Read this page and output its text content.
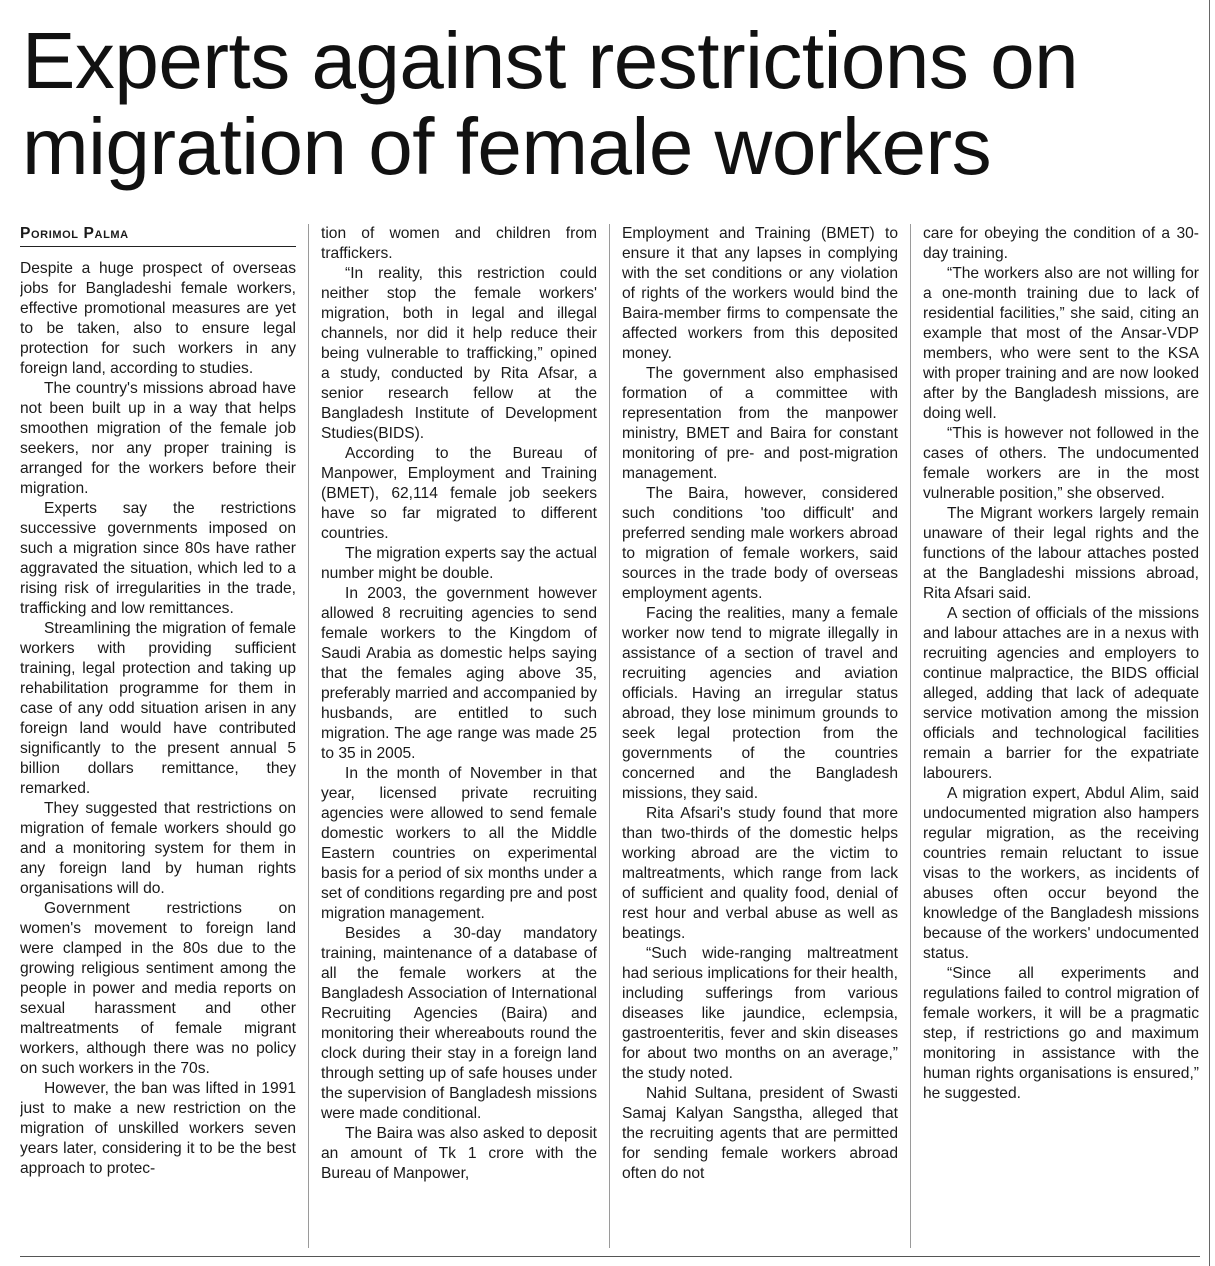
Experts against restrictions on migration of female workers
Porimol Palma

Despite a huge prospect of overseas jobs for Bangladeshi female workers, effective promotional measures are yet to be taken, also to ensure legal protection for such workers in any foreign land, according to studies.

The country's missions abroad have not been built up in a way that helps smoothen migration of the female job seekers, nor any proper training is arranged for the workers before their migration.

Experts say the restrictions successive governments imposed on such a migration since 80s have rather aggravated the situation, which led to a rising risk of irregularities in the trade, trafficking and low remittances.

Streamlining the migration of female workers with providing sufficient training, legal protection and taking up rehabilitation programme for them in case of any odd situation arisen in any foreign land would have contributed significantly to the present annual 5 billion dollars remittance, they remarked.

They suggested that restrictions on migration of female workers should go and a monitoring system for them in any foreign land by human rights organisations will do.

Government restrictions on women's movement to foreign land were clamped in the 80s due to the growing religious sentiment among the people in power and media reports on sexual harassment and other maltreatments of female migrant workers, although there was no policy on such workers in the 70s.

However, the ban was lifted in 1991 just to make a new restriction on the migration of unskilled workers seven years later, considering it to be the best approach to protec-

tion of women and children from traffickers.

“In reality, this restriction could neither stop the female workers' migration, both in legal and illegal channels, nor did it help reduce their being vulnerable to trafficking,” opined a study, conducted by Rita Afsar, a senior research fellow at the Bangladesh Institute of Development Studies(BIDS).

According to the Bureau of Manpower, Employment and Training (BMET), 62,114 female job seekers have so far migrated to different countries.

The migration experts say the actual number might be double.

In 2003, the government however allowed 8 recruiting agencies to send female workers to the Kingdom of Saudi Arabia as domestic helps saying that the females aging above 35, preferably married and accompanied by husbands, are entitled to such migration. The age range was made 25 to 35 in 2005.

In the month of November in that year, licensed private recruiting agencies were allowed to send female domestic workers to all the Middle Eastern countries on experimental basis for a period of six months under a set of conditions regarding pre and post migration management.

Besides a 30-day mandatory training, maintenance of a database of all the female workers at the Bangladesh Association of International Recruiting Agencies (Baira) and monitoring their whereabouts round the clock during their stay in a foreign land through setting up of safe houses under the supervision of Bangladesh missions were made conditional.

The Baira was also asked to deposit an amount of Tk 1 crore with the Bureau of Manpower,

Employment and Training (BMET) to ensure it that any lapses in complying with the set conditions or any violation of rights of the workers would bind the Baira-member firms to compensate the affected workers from this deposited money.

The government also emphasised formation of a committee with representation from the manpower ministry, BMET and Baira for constant monitoring of pre- and post-migration management.

The Baira, however, considered such conditions 'too difficult' and preferred sending male workers abroad to migration of female workers, said sources in the trade body of overseas employment agents.

Facing the realities, many a female worker now tend to migrate illegally in assistance of a section of travel and recruiting agencies and aviation officials. Having an irregular status abroad, they lose minimum grounds to seek legal protection from the governments of the countries concerned and the Bangladesh missions, they said.

Rita Afsari's study found that more than two-thirds of the domestic helps working abroad are the victim to maltreatments, which range from lack of sufficient and quality food, denial of rest hour and verbal abuse as well as beatings.

“Such wide-ranging maltreatment had serious implications for their health, including sufferings from various diseases like jaundice, eclempsia, gastroenteritis, fever and skin diseases for about two months on an average,” the study noted.

Nahid Sultana, president of Swasti Samaj Kalyan Sangstha, alleged that the recruiting agents that are permitted for sending female workers abroad often do not

care for obeying the condition of a 30-day training.

“The workers also are not willing for a one-month training due to lack of residential facilities,” she said, citing an example that most of the Ansar-VDP members, who were sent to the KSA with proper training and are now looked after by the Bangladesh missions, are doing well.

“This is however not followed in the cases of others. The undocumented female workers are in the most vulnerable position,” she observed.

The Migrant workers largely remain unaware of their legal rights and the functions of the labour attaches posted at the Bangladeshi missions abroad, Rita Afsari said.

A section of officials of the missions and labour attaches are in a nexus with recruiting agencies and employers to continue malpractice, the BIDS official alleged, adding that lack of adequate service motivation among the mission officials and technological facilities remain a barrier for the expatriate labourers.

A migration expert, Abdul Alim, said undocumented migration also hampers regular migration, as the receiving countries remain reluctant to issue visas to the workers, as incidents of abuses often occur beyond the knowledge of the Bangladesh missions because of the workers' undocumented status.

“Since all experiments and regulations failed to control migration of female workers, it will be a pragmatic step, if restrictions go and maximum monitoring in assistance with the human rights organisations is ensured,” he suggested.
